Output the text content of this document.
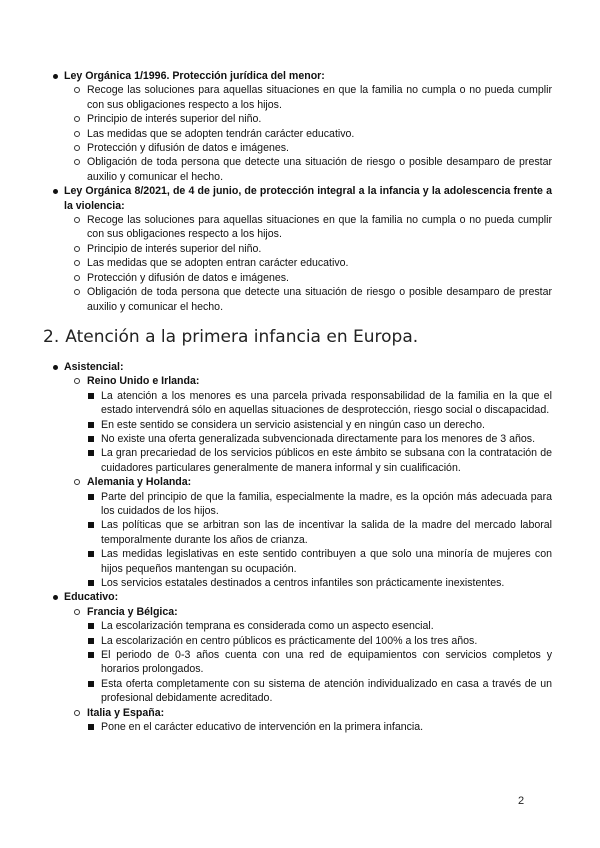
Ley Orgánica 1/1996. Protección jurídica del menor:
Recoge las soluciones para aquellas situaciones en que la familia no cumpla o no pueda cumplir con sus obligaciones respecto a los hijos.
Principio de interés superior del niño.
Las medidas que se adopten tendrán carácter educativo.
Protección y difusión de datos e imágenes.
Obligación de toda persona que detecte una situación de riesgo o posible desamparo de prestar auxilio y comunicar el hecho.
Ley Orgánica 8/2021, de 4 de junio, de protección integral a la infancia y la adolescencia frente a la violencia:
Recoge las soluciones para aquellas situaciones en que la familia no cumpla o no pueda cumplir con sus obligaciones respecto a los hijos.
Principio de interés superior del niño.
Las medidas que se adopten entran carácter educativo.
Protección y difusión de datos e imágenes.
Obligación de toda persona que detecte una situación de riesgo o posible desamparo de prestar auxilio y comunicar el hecho.
2. Atención a la primera infancia en Europa.
Asistencial:
Reino Unido e Irlanda:
La atención a los menores es una parcela privada responsabilidad de la familia en la que el estado intervendrá sólo en aquellas situaciones de desprotección, riesgo social o discapacidad.
En este sentido se considera un servicio asistencial y en ningún caso un derecho.
No existe una oferta generalizada subvencionada directamente para los menores de 3 años.
La gran precariedad de los servicios públicos en este ámbito se subsana con la contratación de cuidadores particulares generalmente de manera informal y sin cualificación.
Alemania y Holanda:
Parte del principio de que la familia, especialmente la madre, es la opción más adecuada para los cuidados de los hijos.
Las políticas que se arbitran son las de incentivar la salida de la madre del mercado laboral temporalmente durante los años de crianza.
Las medidas legislativas en este sentido contribuyen a que solo una minoría de mujeres con hijos pequeños mantengan su ocupación.
Los servicios estatales destinados a centros infantiles son prácticamente inexistentes.
Educativo:
Francia y Bélgica:
La escolarización temprana es considerada como un aspecto esencial.
La escolarización en centro públicos es prácticamente del 100% a los tres años.
El periodo de 0-3 años cuenta con una red de equipamientos con servicios completos y horarios prolongados.
Esta oferta completamente con su sistema de atención individualizado en casa a través de un profesional debidamente acreditado.
Italia y España:
Pone en el carácter educativo de intervención en la primera infancia.
2
